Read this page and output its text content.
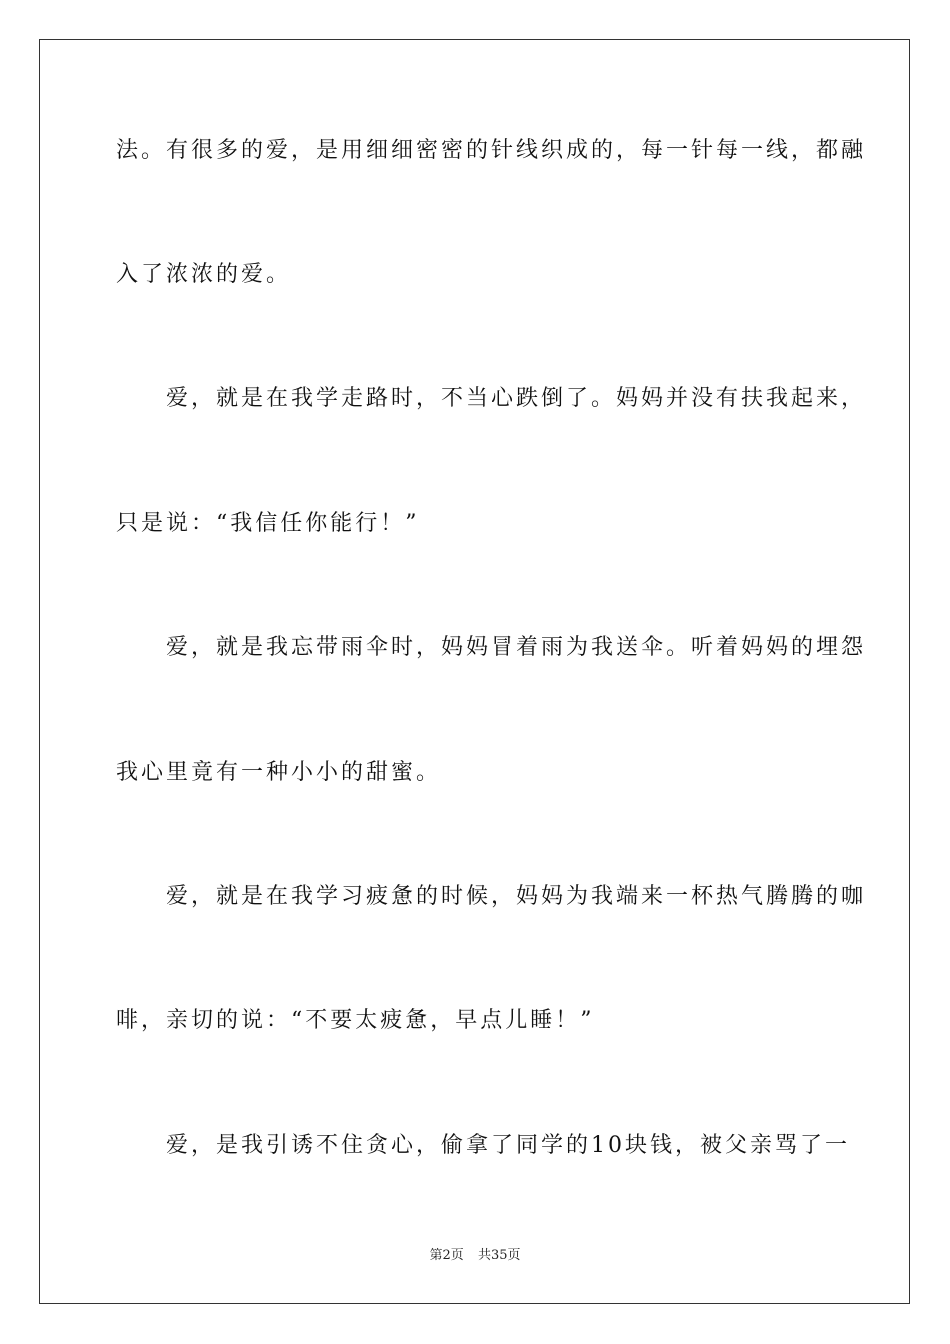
法。有很多的爱，是用细细密密的针线织成的，每一针每一线，都融
入了浓浓的爱。
　　爱，就是在我学走路时，不当心跌倒了。妈妈并没有扶我起来，
只是说：“我信任你能行！”
　　爱，就是我忘带雨伞时，妈妈冒着雨为我送伞。听着妈妈的埋怨
我心里竟有一种小小的甜蜜。
　　爱，就是在我学习疲惫的时候，妈妈为我端来一杯热气腾腾的咖
啡，亲切的说：“不要太疲惫，早点儿睡！”
　　爱，是我引诱不住贪心，偷拿了同学的10块钱，被父亲骂了一
第2页 共35页
